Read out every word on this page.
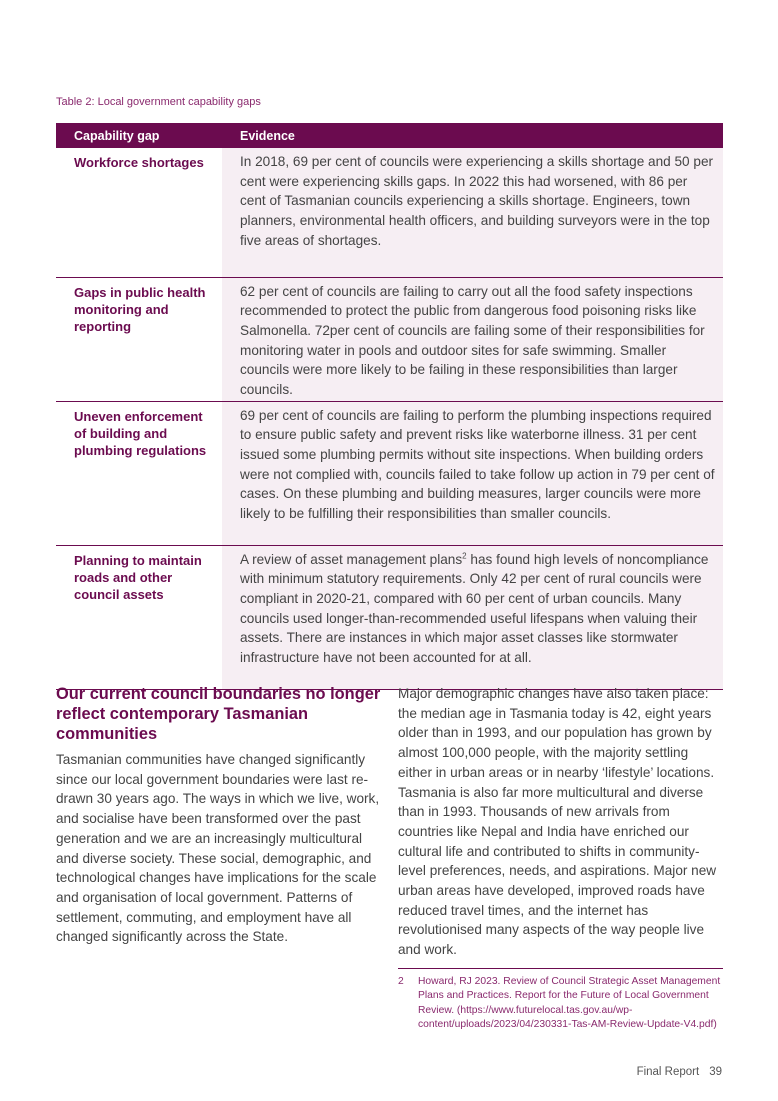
Table 2: Local government capability gaps
Capability gap	Evidence
Workforce shortages	In 2018, 69 per cent of councils were experiencing a skills shortage and 50 per cent were experiencing skills gaps. In 2022 this had worsened, with 86 per cent of Tasmanian councils experiencing a skills shortage. Engineers, town planners, environmental health officers, and building surveyors were in the top five areas of shortages.
Gaps in public health monitoring and reporting	62 per cent of councils are failing to carry out all the food safety inspections recommended to protect the public from dangerous food poisoning risks like Salmonella. 72per cent of councils are failing some of their responsibilities for monitoring water in pools and outdoor sites for safe swimming. Smaller councils were more likely to be failing in these responsibilities than larger councils.
Uneven enforcement of building and plumbing regulations	69 per cent of councils are failing to perform the plumbing inspections required to ensure public safety and prevent risks like waterborne illness. 31 per cent issued some plumbing permits without site inspections. When building orders were not complied with, councils failed to take follow up action in 79 per cent of cases. On these plumbing and building measures, larger councils were more likely to be fulfilling their responsibilities than smaller councils.
Planning to maintain roads and other council assets	A review of asset management plans$^2$ has found high levels of noncompliance with minimum statutory requirements. Only 42 per cent of rural councils were compliant in 2020-21, compared with 60 per cent of urban councils. Many councils used longer-than-recommended useful lifespans when valuing their assets. There are instances in which major asset classes like stormwater infrastructure have not been accounted for at all.
Our current council boundaries no longer reflect contemporary Tasmanian communities

Tasmanian communities have changed significantly since our local government boundaries were last re-drawn 30 years ago. The ways in which we live, work, and socialise have been transformed over the past generation and we are an increasingly multicultural and diverse society. These social, demographic, and technological changes have implications for the scale and organisation of local government. Patterns of settlement, commuting, and employment have all changed significantly across the State.

Major demographic changes have also taken place: the median age in Tasmania today is 42, eight years older than in 1993, and our population has grown by almost 100,000 people, with the majority settling either in urban areas or in nearby ‘lifestyle’ locations. Tasmania is also far more multicultural and diverse than in 1993. Thousands of new arrivals from countries like Nepal and India have enriched our cultural life and contributed to shifts in community-level preferences, needs, and aspirations. Major new urban areas have developed, improved roads have reduced travel times, and the internet has revolutionised many aspects of the way people live and work.

2	Howard, RJ 2023. Review of Council Strategic Asset Management Plans and Practices. Report for the Future of Local Government Review. (https://www.futurelocal.tas.gov.au/wp-content/uploads/2023/04/230331-Tas-AM-Review-Update-V4.pdf)
Final Report 39
